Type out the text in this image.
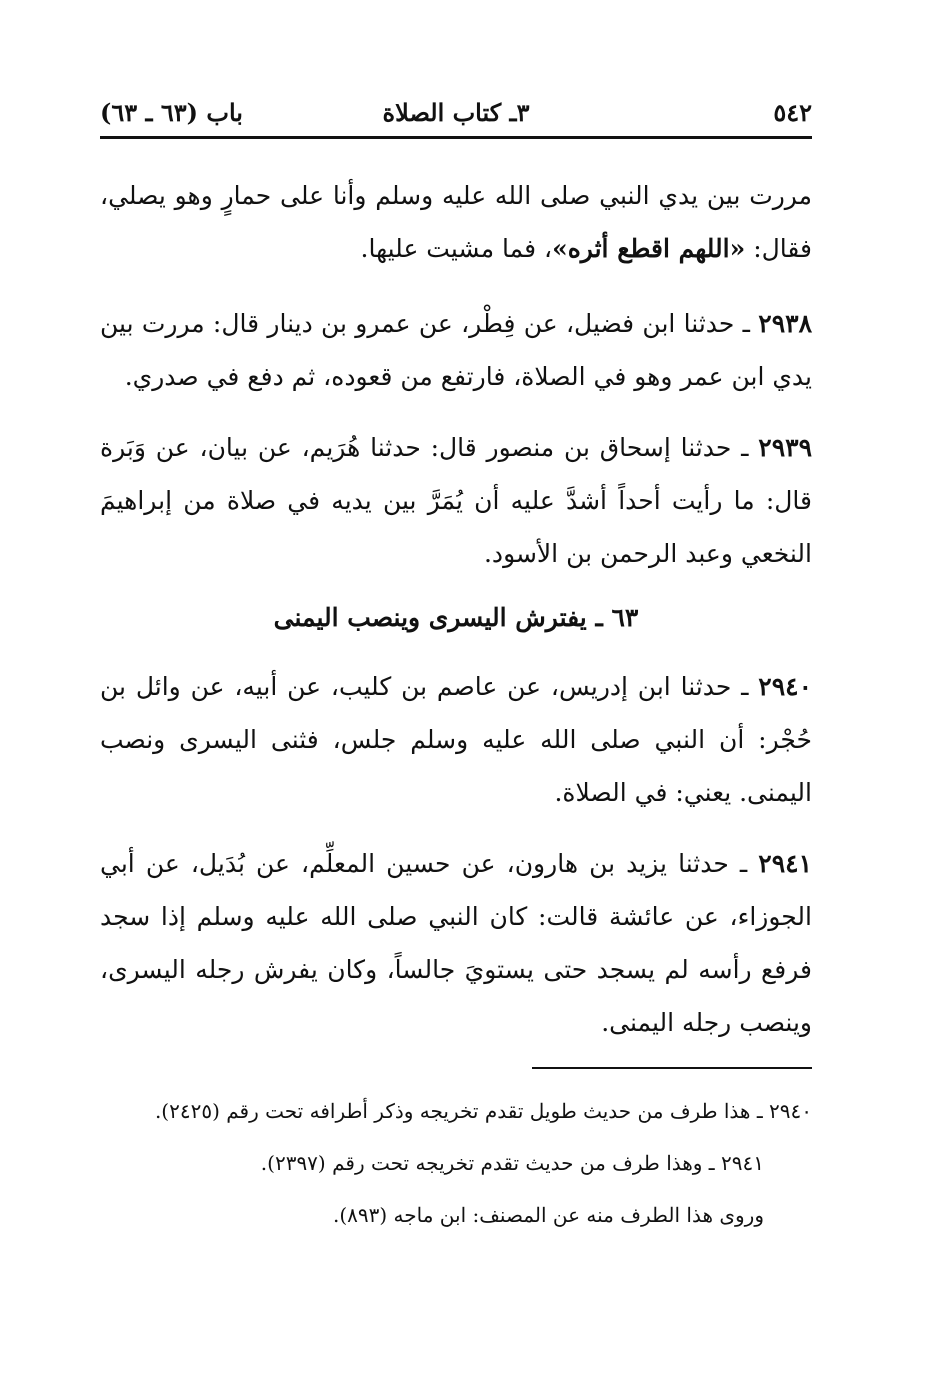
٥٤٢
٣ـ كتاب الصلاة
باب (٦٣ ـ ٦٣)

مررت بين يدي النبي صلى الله عليه وسلم وأنا على حمارٍ وهو يصلي، فقال: «اللهم اقطع أثره»، فما مشيت عليها.

٢٩٣٨ ـ حدثنا ابن فضيل، عن فِطْر، عن عمرو بن دينار قال: مررت بين يدي ابن عمر وهو في الصلاة، فارتفع من قعوده، ثم دفع في صدري.

٢٩٣٩ ـ حدثنا إسحاق بن منصور قال: حدثنا هُرَيم، عن بيان، عن وَبَرة قال: ما رأيت أحداً أشدَّ عليه أن يُمَرَّ بين يديه في صلاة من إبراهيمَ النخعي وعبد الرحمن بن الأسود.

٦٣ ـ يفترش اليسرى وينصب اليمنى

٢٩٤٠ ـ حدثنا ابن إدريس، عن عاصم بن كليب، عن أبيه، عن وائل بن حُجْر: أن النبي صلى الله عليه وسلم جلس، فثنى اليسرى ونصب اليمنى. يعني: في الصلاة.

٢٩٤١ ـ حدثنا يزيد بن هارون، عن حسين المعلِّم، عن بُدَيل، عن أبي الجوزاء، عن عائشة قالت: كان النبي صلى الله عليه وسلم إذا سجد فرفع رأسه لم يسجد حتى يستويَ جالساً، وكان يفرش رجله اليسرى، وينصب رجله اليمنى.

٢٩٤٠ ـ هذا طرف من حديث طويل تقدم تخريجه وذكر أطرافه تحت رقم (٢٤٢٥).

٢٩٤١ ـ وهذا طرف من حديث تقدم تخريجه تحت رقم (٢٣٩٧).

وروى هذا الطرف منه عن المصنف: ابن ماجه (٨٩٣).
